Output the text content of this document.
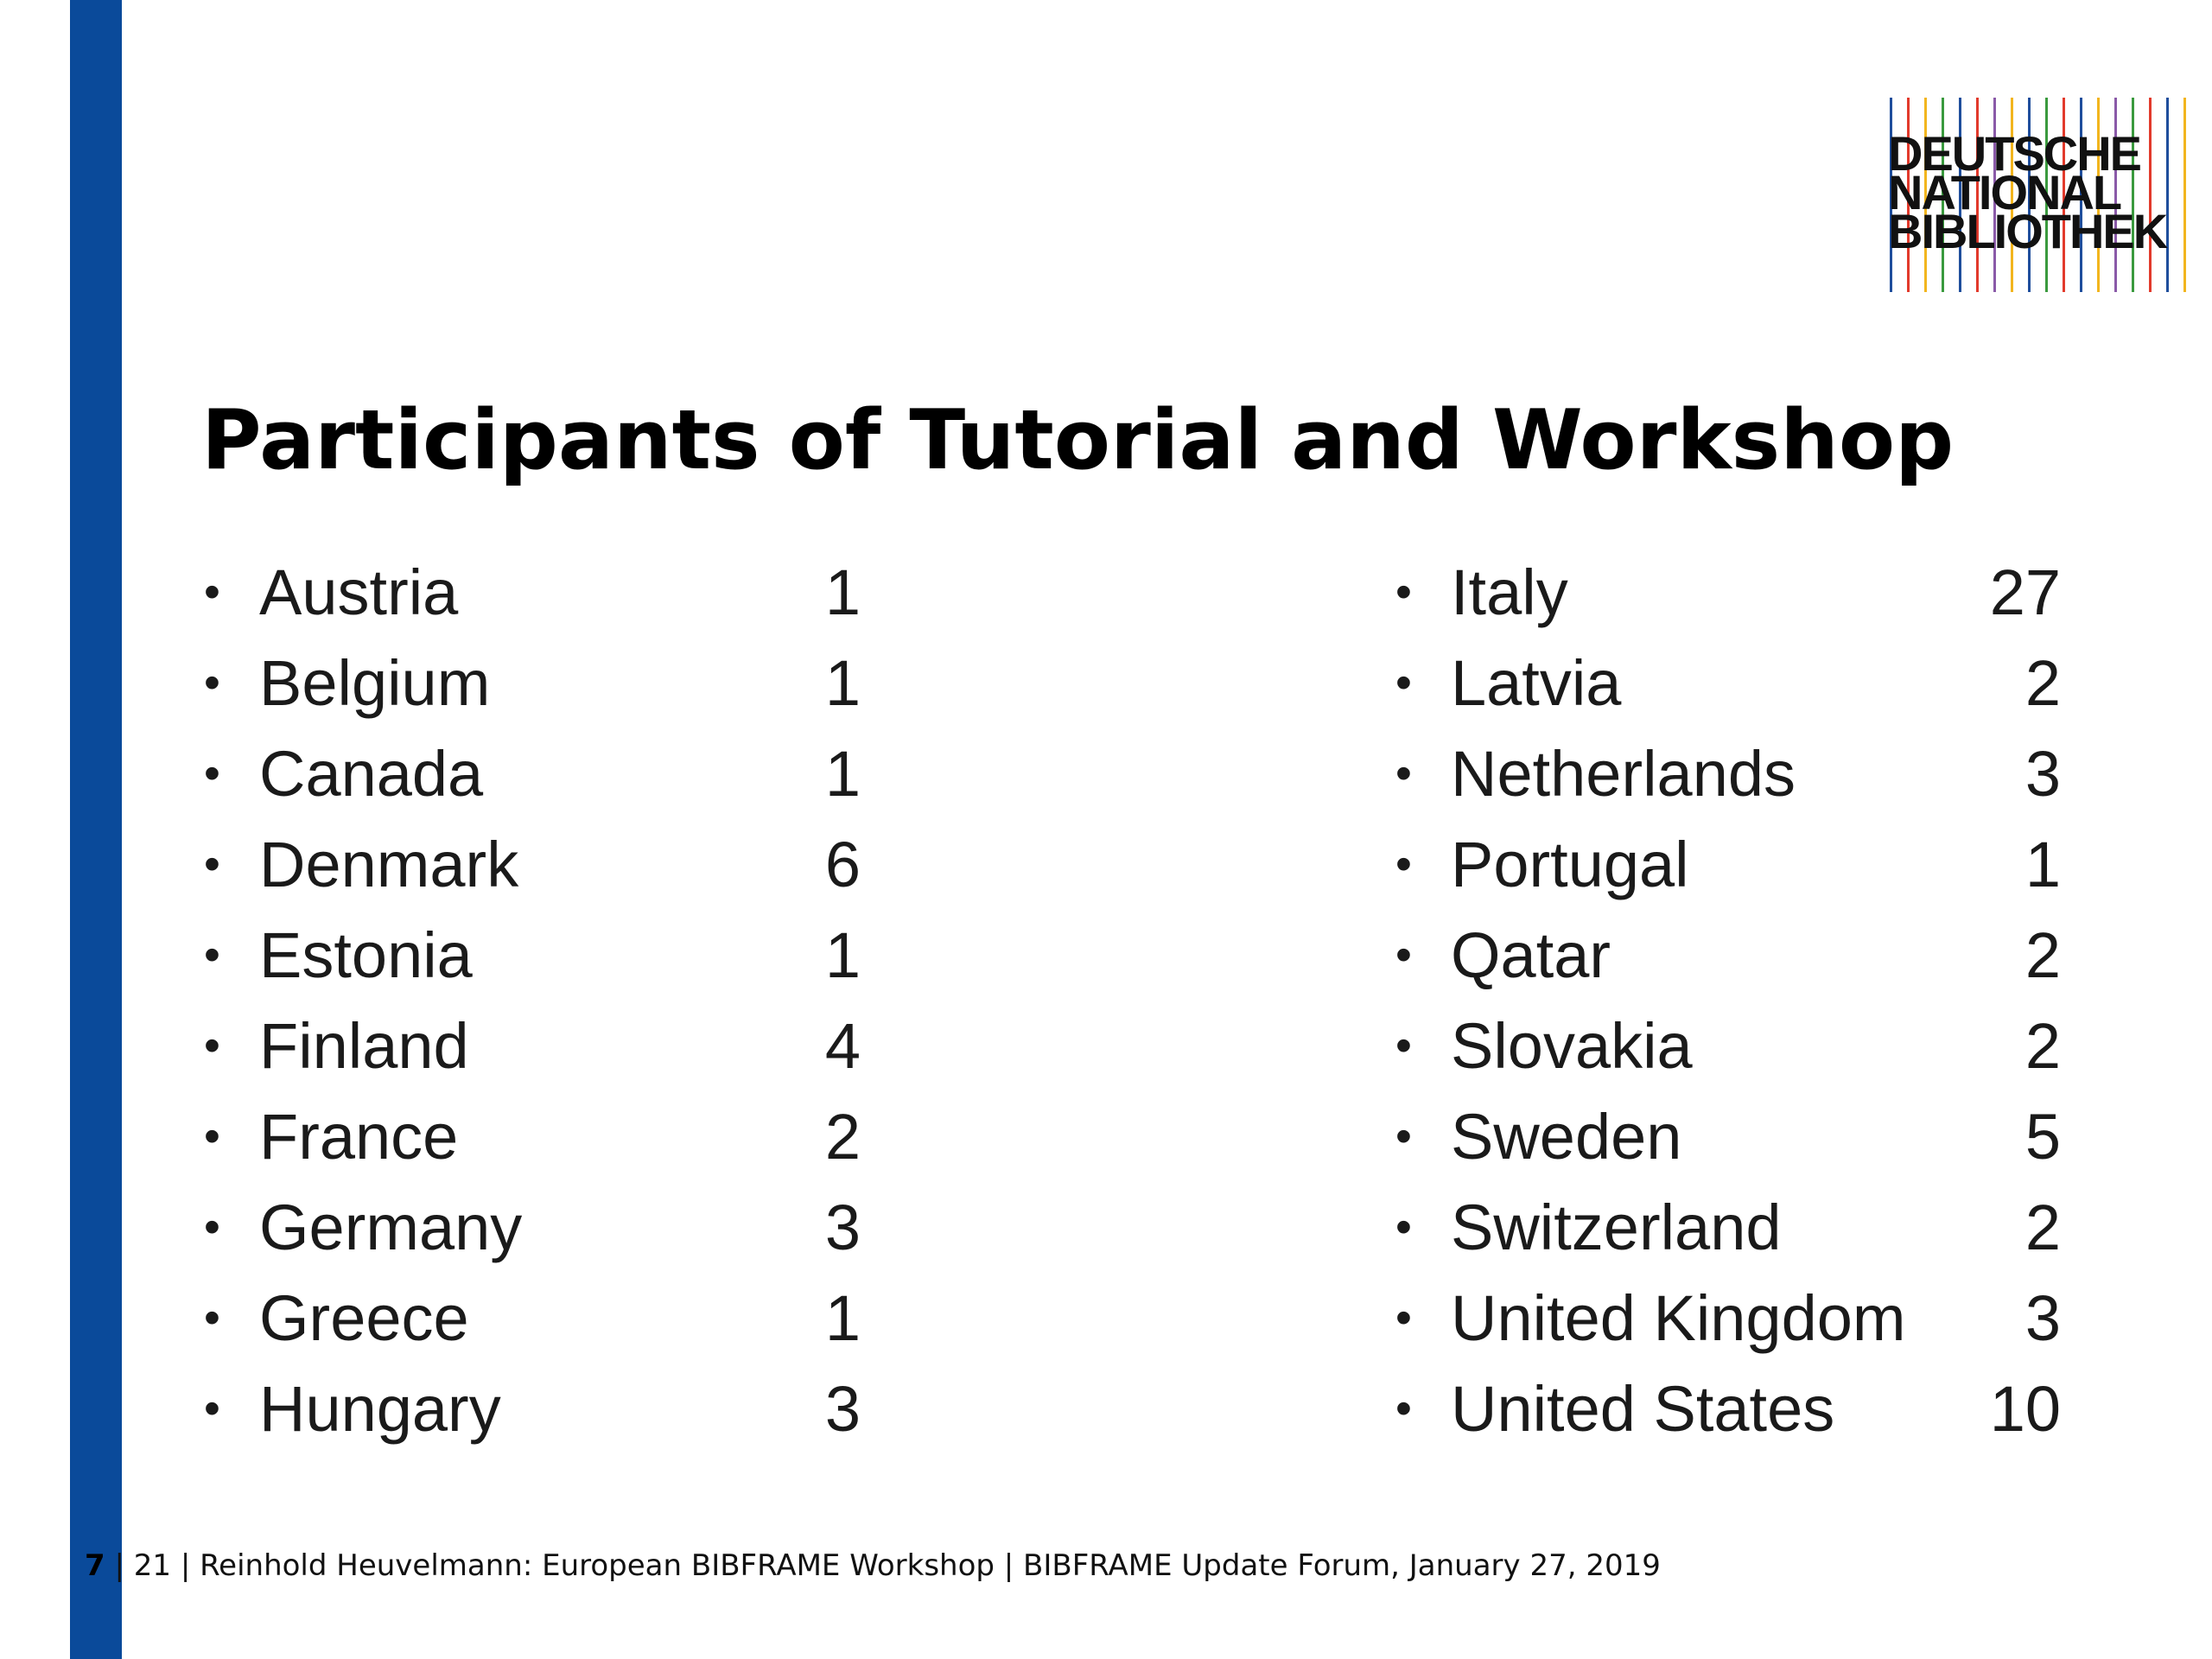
DEUTSCHE
NATIONAL
BIBLIOTHEK
Participants of Tutorial and Workshop
• Austria	1
• Belgium	1
• Canada	1
• Denmark	6
• Estonia	1
• Finland	4
• France	2
• Germany	3
• Greece	1
• Hungary	3
• Italy	27
• Latvia	2
• Netherlands	3
• Portugal	1
• Qatar	2
• Slovakia	2
• Sweden	5
• Switzerland	2
• United Kingdom 3
• United States 10
7 | 21 | Reinhold Heuvelmann: European BIBFRAME Workshop | BIBFRAME Update Forum, January 27, 2019
